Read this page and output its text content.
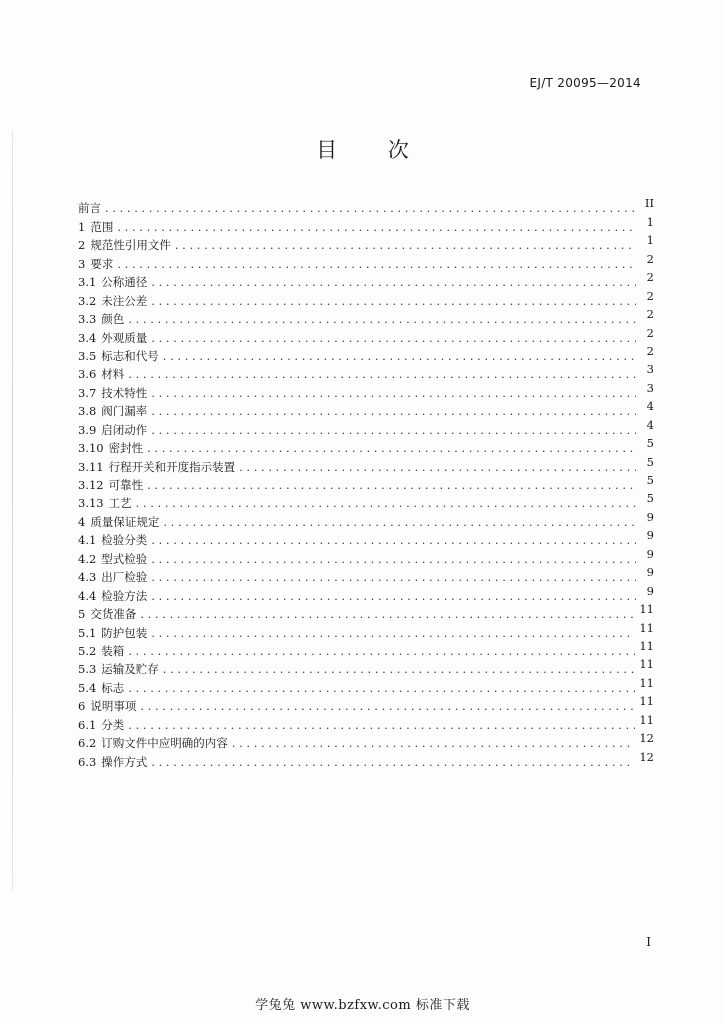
EJ/T 20095—2014
目 次
前言 . . .	II
1 范围 . . .	1
2 规范性引用文件 . . .	1
3 要求 . . .	2
3.1 公称通径 . . .	2
3.2 未注公差 . . .	2
3.3 颜色 . . .	2
3.4 外观质量 . . .	2
3.5 标志和代号 . . .	2
3.6 材料 . . .	3
3.7 技术特性 . . .	3
3.8 阀门漏率 . . .	4
3.9 启闭动作 . . .	4
3.10 密封性 . . .	5
3.11 行程开关和开度指示装置 . . .	5
3.12 可靠性 . . .	5
3.13 工艺 . . .	5
4 质量保证规定 . . .	9
4.1 检验分类 . . .	9
4.2 型式检验 . . .	9
4.3 出厂检验 . . .	9
4.4 检验方法 . . .	9
5 交货准备 . . .	11
5.1 防护包装 . . .	11
5.2 装箱 . . .	11
5.3 运输及贮存 . . .	11
5.4 标志 . . .	11
6 说明事项 . . .	11
6.1 分类 . . .	11
6.2 订购文件中应明确的内容 . . .	12
6.3 操作方式 . . .	12
I
学兔兔 www.bzfxw.com 标准下载
